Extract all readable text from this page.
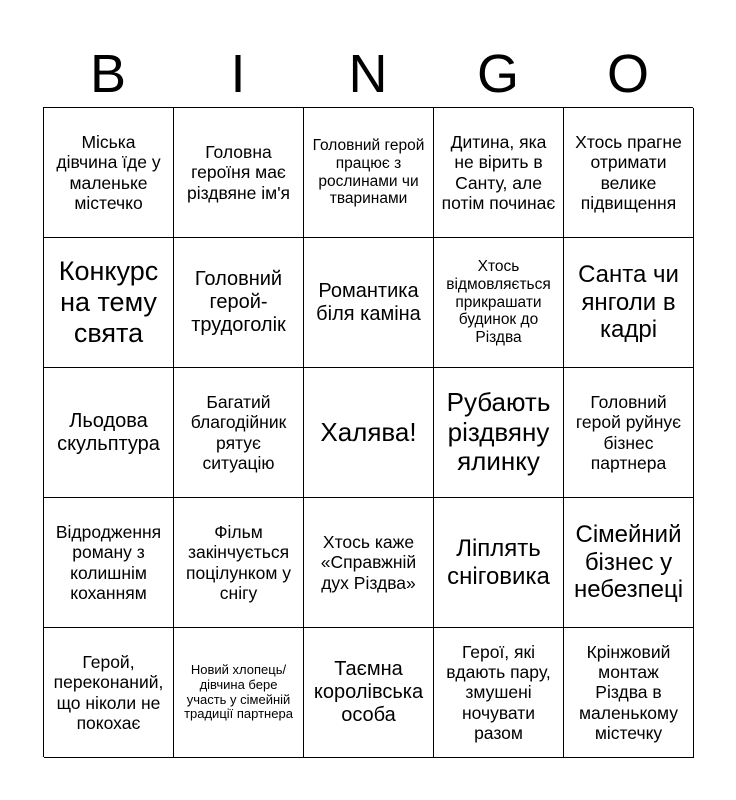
B	I	N	G	O
Міська дівчина їде у маленьке містечко
Головна героїня має різдвяне ім'я
Головний герой працює з рослинами чи тваринами
Дитина, яка не вірить в Санту, але потім починає
Хтось прагне отримати велике підвищення
Конкурс на тему свята
Головний герой-трудоголік
Романтика біля каміна
Хтось відмовляється прикрашати будинок до Різдва
Санта чи янголи в кадрі
Льодова скульптура
Багатий благодійник рятує ситуацію
Халява!
Рубають різдвяну ялинку
Головний герой руйнує бізнес партнера
Відродження роману з колишнім коханням
Фільм закінчується поцілунком у снігу
Хтось каже «Справжній дух Різдва»
Ліплять сніговика
Сімейний бізнес у небезпеці
Герой, переконаний, що ніколи не покохає
Новий хлопець/дівчина бере участь у сімейній традиції партнера
Таємна королівська особа
Герої, які вдають пару, змушені ночувати разом
Крінжовий монтаж Різдва в маленькому містечку
